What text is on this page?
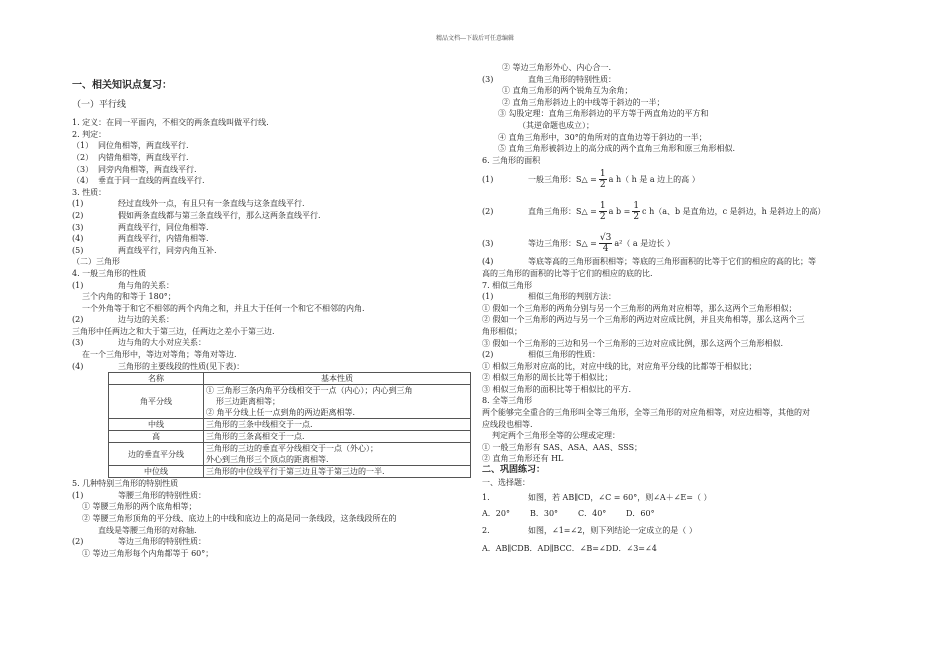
精品文档---下载后可任意编辑
一、相关知识点复习：
（一）平行线
1. 定义：在同一平面内，不相交的两条直线叫做平行线.
2. 判定：
（1） 同位角相等，两直线平行.
（2） 内错角相等，两直线平行.
（3） 同旁内角相等，两直线平行.
（4） 垂直于同一直线的两直线平行.
3. 性质：
(1)	经过直线外一点，有且只有一条直线与这条直线平行.
(2)	假如两条直线都与第三条直线平行，那么这两条直线平行.
(3)	两直线平行，同位角相等.
(4)	两直线平行，内错角相等.
(5)	两直线平行，同旁内角互补.
（二）三角形
4. 一般三角形的性质
(1)	角与角的关系：
三个内角的和等于 180°；
一个外角等于和它不相邻的两个内角之和，并且大于任何一个和它不相邻的内角.
(2)	边与边的关系：
三角形中任两边之和大于第三边，任两边之差小于第三边.
(3)	边与角的大小对应关系：
在一个三角形中，等边对等角；等角对等边.
(4)	三角形的主要线段的性质(见下表)：
名称	基本性质
角平分线	① 三角形三条内角平分线相交于一点（内心）；内心到三角
形三边距离相等；
② 角平分线上任一点到角的两边距离相等.

中线	三角形的三条中线相交于一点.
高	三角形的三条高相交于一点.
边的垂直平分线	三角形的三边的垂直平分线相交于一点（外心）；
外心到三角形三个顶点的距离相等.

中位线	三角形的中位线平行于第三边且等于第三边的一半.
5. 几种特别三角形的特别性质
(1)	等腰三角形的特别性质：
① 等腰三角形的两个底角相等；
② 等腰三角形顶角的平分线、底边上的中线和底边上的高是同一条线段，这条线段所在的
直线是等腰三角形的对称轴.
(2)	等边三角形的特别性质：
① 等边三角形每个内角都等于 60°；
② 等边三角形外心、内心合一.
(3)	直角三角形的特别性质：
① 直角三角形的两个锐角互为余角；
② 直角三角形斜边上的中线等于斜边的一半；
③ 勾股定理：直角三角形斜边的平方等于两直角边的平方和
（其逆命题也成立）；
④ 直角三角形中，30°的角所对的直角边等于斜边的一半；
⑤ 直角三角形被斜边上的高分成的两个直角三角形和原三角形相似.
6. 三角形的面积
(1)	一般三角形：S△ = $\frac{1}{2}$ a h（ h 是 a 边上的高 ）
(2)	直角三角形：S△ = $\frac{1}{2}$ a $b = \frac{1}{2}$ c h（a、b 是直角边，c 是斜边，h 是斜边上的高）
(3)	等边三角形：S△ = $\frac{√3}{4} a^2$（ a 是边长 ）
(4)	等底等高的三角形面积相等；等底的三角形面积的比等于它们的相应的高的比；等
高的三角形的面积的比等于它们的相应的底的比.
7. 相似三角形
(1)	相似三角形的判别方法：
① 假如一个三角形的两角分别与另一个三角形的两角对应相等，那么这两个三角形相似；
② 假如一个三角形的两边与另一个三角形的两边对应成比例，并且夹角相等，那么这两个三
角形相似；
③ 假如一个三角形的三边和另一个三角形的三边对应成比例，那么这两个三角形相似.
(2)	相似三角形的性质：
① 相似三角形对应高的比，对应中线的比，对应角平分线的比都等于相似比；
② 相似三角形的周长比等于相似比；
③ 相似三角形的面积比等于相似比的平方.
8. 全等三角形
两个能够完全重合的三角形叫全等三角形，全等三角形的对应角相等，对应边相等，其他的对
应线段也相等.
判定两个三角形全等的公理或定理：
① 一般三角形有 SAS、ASA、AAS、SSS；
② 直角三角形还有 HL
二、巩固练习：
一、选择题：
1.	如图，若 AB∥CD，∠C = 60°，则∠A＋∠E=（ ）
A．20°	B．30° C．40° D．60°
2.	如图，∠1=∠2，则下列结论一定成立的是（ ）
A．AB∥CDB．AD∥BCC．∠B=∠DD．∠3=∠4
